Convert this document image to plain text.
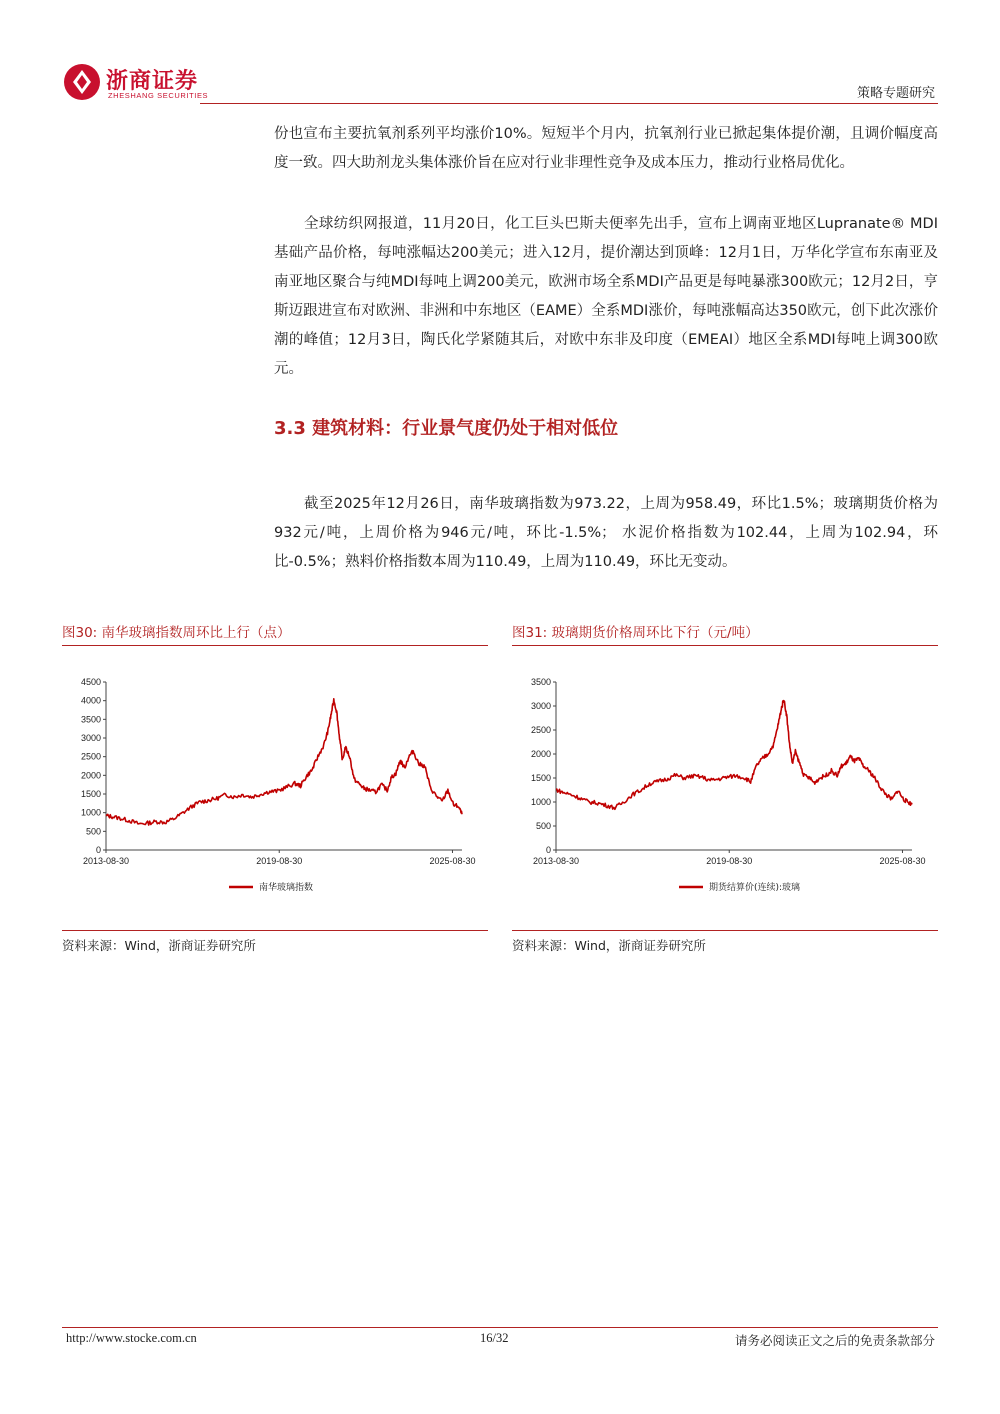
浙商证券
ZHESHANG SECURITIES	策略专题研究
份也宣布主要抗氧剂系列平均涨价10%。短短半个月内，抗氧剂行业已掀起集体提价潮，且调价幅度高度一致。四大助剂龙头集体涨价旨在应对行业非理性竞争及成本压力，推动行业格局优化。
全球纺织网报道，11月20日，化工巨头巴斯夫便率先出手，宣布上调南亚地区Lupranate® MDI基础产品价格，每吨涨幅达200美元；进入12月，提价潮达到顶峰：12月1日，万华化学宣布东南亚及南亚地区聚合与纯MDI每吨上调200美元，欧洲市场全系MDI产品更是每吨暴涨300欧元；12月2日，亨斯迈跟进宣布对欧洲、非洲和中东地区（EAME）全系MDI涨价，每吨涨幅高达350欧元，创下此次涨价潮的峰值；12月3日，陶氏化学紧随其后，对欧中东非及印度（EMEAI）地区全系MDI每吨上调300欧元。
3.3 建筑材料：行业景气度仍处于相对低位
截至2025年12月26日，南华玻璃指数为973.22，上周为958.49，环比1.5%；玻璃期货价格为932元/吨，上周价格为946元/吨，环比-1.5%； 水泥价格指数为102.44，上周为102.94，环比-0.5%；熟料价格指数本周为110.49，上周为110.49，环比无变动。
图30: 南华玻璃指数周环比上行（点）
0
500
1000
1500
2000
2500
3000
3500
4000
4500
2013-08-30	2019-08-30	2025-08-30
南华玻璃指数
资料来源：Wind，浙商证券研究所
图31: 玻璃期货价格周环比下行（元/吨）
0
500
1000
1500
2000
2500
3000
3500
2013-08-30	2019-08-30	2025-08-30
期货结算价(连续):玻璃
资料来源：Wind，浙商证券研究所
http://www.stocke.com.cn	16/32	请务必阅读正文之后的免责条款部分
